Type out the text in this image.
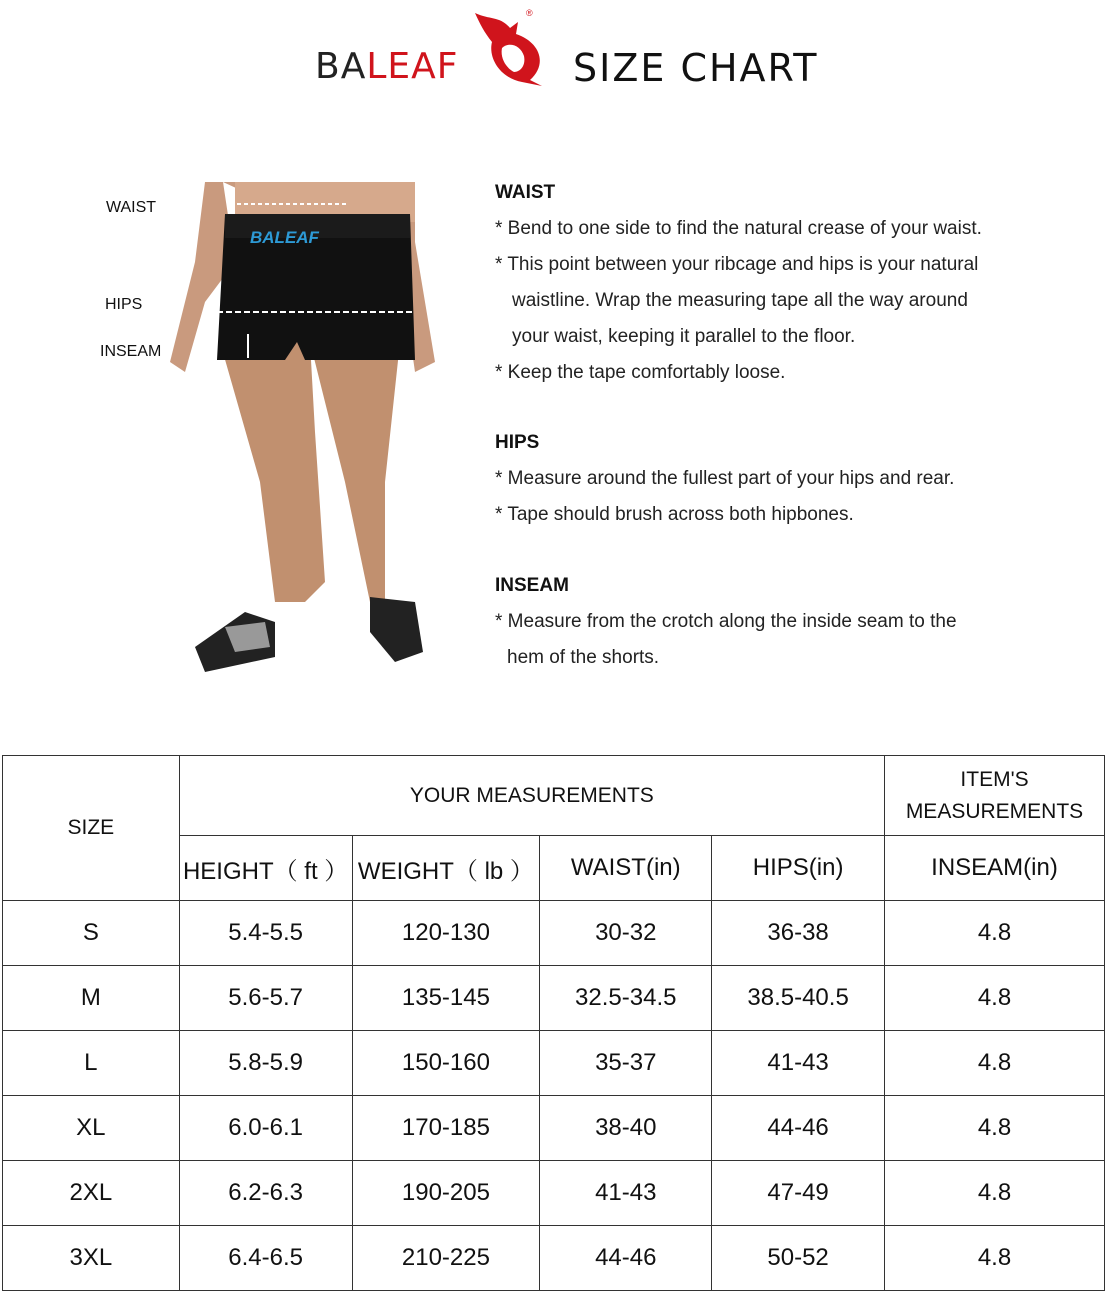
BALEAF
®
SIZE CHART
WAIST
HIPS
INSEAM
BALEAF
WAIST
* Bend to one side to find the natural crease of your waist.
* This point between your ribcage and hips is your natural
waistline. Wrap the measuring tape all the way around
your waist, keeping it parallel to the floor.
* Keep the tape comfortably loose.
HIPS
* Measure around the fullest part of your hips and rear.
* Tape should brush across both hipbones.
INSEAM
* Measure from the crotch along the inside seam to the
hem of the shorts.
SIZE	YOUR MEASUREMENTS				ITEM'S MEASUREMENTS
	HEIGHT（ ft ）	WEIGHT（ lb ）	WAIST(in)	HIPS(in)	INSEAM(in)
S	5.4-5.5	120-130	30-32	36-38	4.8
M	5.6-5.7	135-145	32.5-34.5	38.5-40.5	4.8
L	5.8-5.9	150-160	35-37	41-43	4.8
XL	6.0-6.1	170-185	38-40	44-46	4.8
2XL	6.2-6.3	190-205	41-43	47-49	4.8
3XL	6.4-6.5	210-225	44-46	50-52	4.8
